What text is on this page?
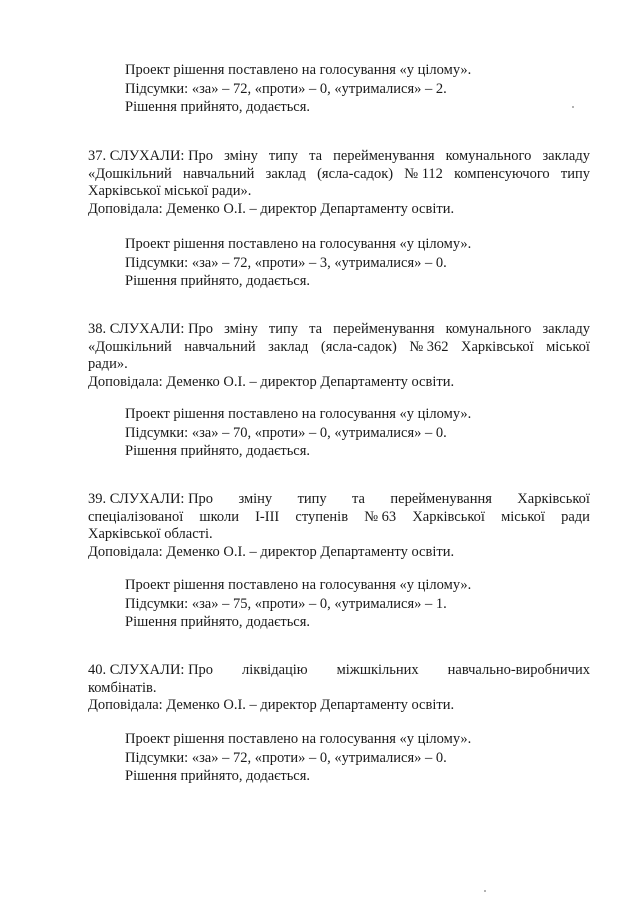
Проект рішення поставлено на голосування «у цілому».
Підсумки: «за» – 72, «проти» – 0, «утрималися» – 2.
Рішення прийнято, додається.
37. СЛУХАЛИ: Про зміну типу та перейменування комунального закладу
«Дошкільний навчальний заклад (ясла-садок) № 112 компенсуючого типу
Харківської міської ради».
Доповідала: Деменко О.І. – директор Департаменту освіти.
Проект рішення поставлено на голосування «у цілому».
Підсумки: «за» – 72, «проти» – 3, «утрималися» – 0.
Рішення прийнято, додається.
38. СЛУХАЛИ: Про зміну типу та перейменування комунального закладу
«Дошкільний навчальний заклад (ясла-садок) № 362 Харківської міської
ради».
Доповідала: Деменко О.І. – директор Департаменту освіти.
Проект рішення поставлено на голосування «у цілому».
Підсумки: «за» – 70, «проти» – 0, «утрималися» – 0.
Рішення прийнято, додається.
39. СЛУХАЛИ: Про зміну типу та перейменування Харківської
спеціалізованої школи І-ІІІ ступенів № 63 Харківської міської ради
Харківської області.
Доповідала: Деменко О.І. – директор Департаменту освіти.
Проект рішення поставлено на голосування «у цілому».
Підсумки: «за» – 75, «проти» – 0, «утрималися» – 1.
Рішення прийнято, додається.
40. СЛУХАЛИ: Про ліквідацію міжшкільних навчально-виробничих
комбінатів.
Доповідала: Деменко О.І. – директор Департаменту освіти.
Проект рішення поставлено на голосування «у цілому».
Підсумки: «за» – 72, «проти» – 0, «утрималися» – 0.
Рішення прийнято, додається.
